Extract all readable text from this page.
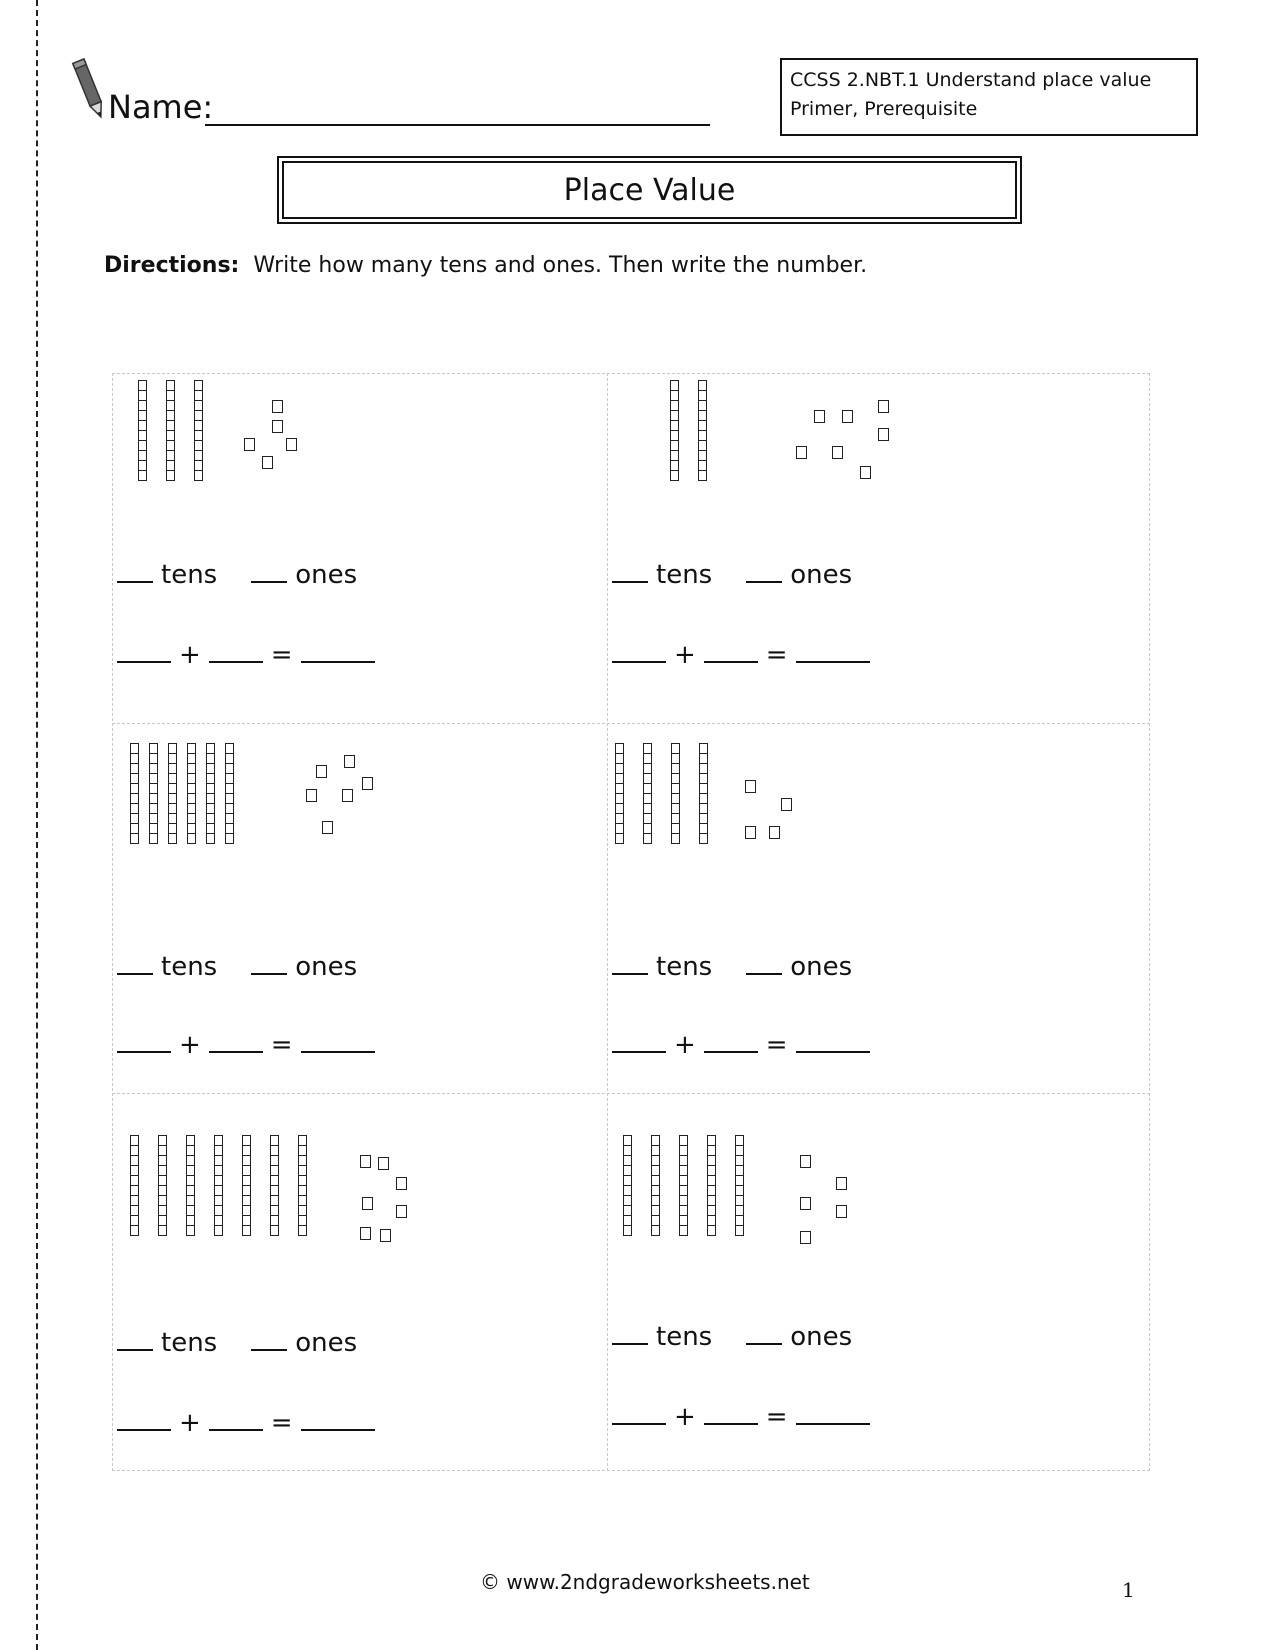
Name:
CCSS 2.NBT.1 Understand place value
Primer, Prerequisite
Place Value
Directions: Write how many tens and ones. Then write the number.
tens	ones
+	=
tens	ones
+	=
tens	ones
+	=
tens	ones
+	=
tens	ones
+	=
tens	ones
+	=
© www.2ndgradeworksheets.net	1
